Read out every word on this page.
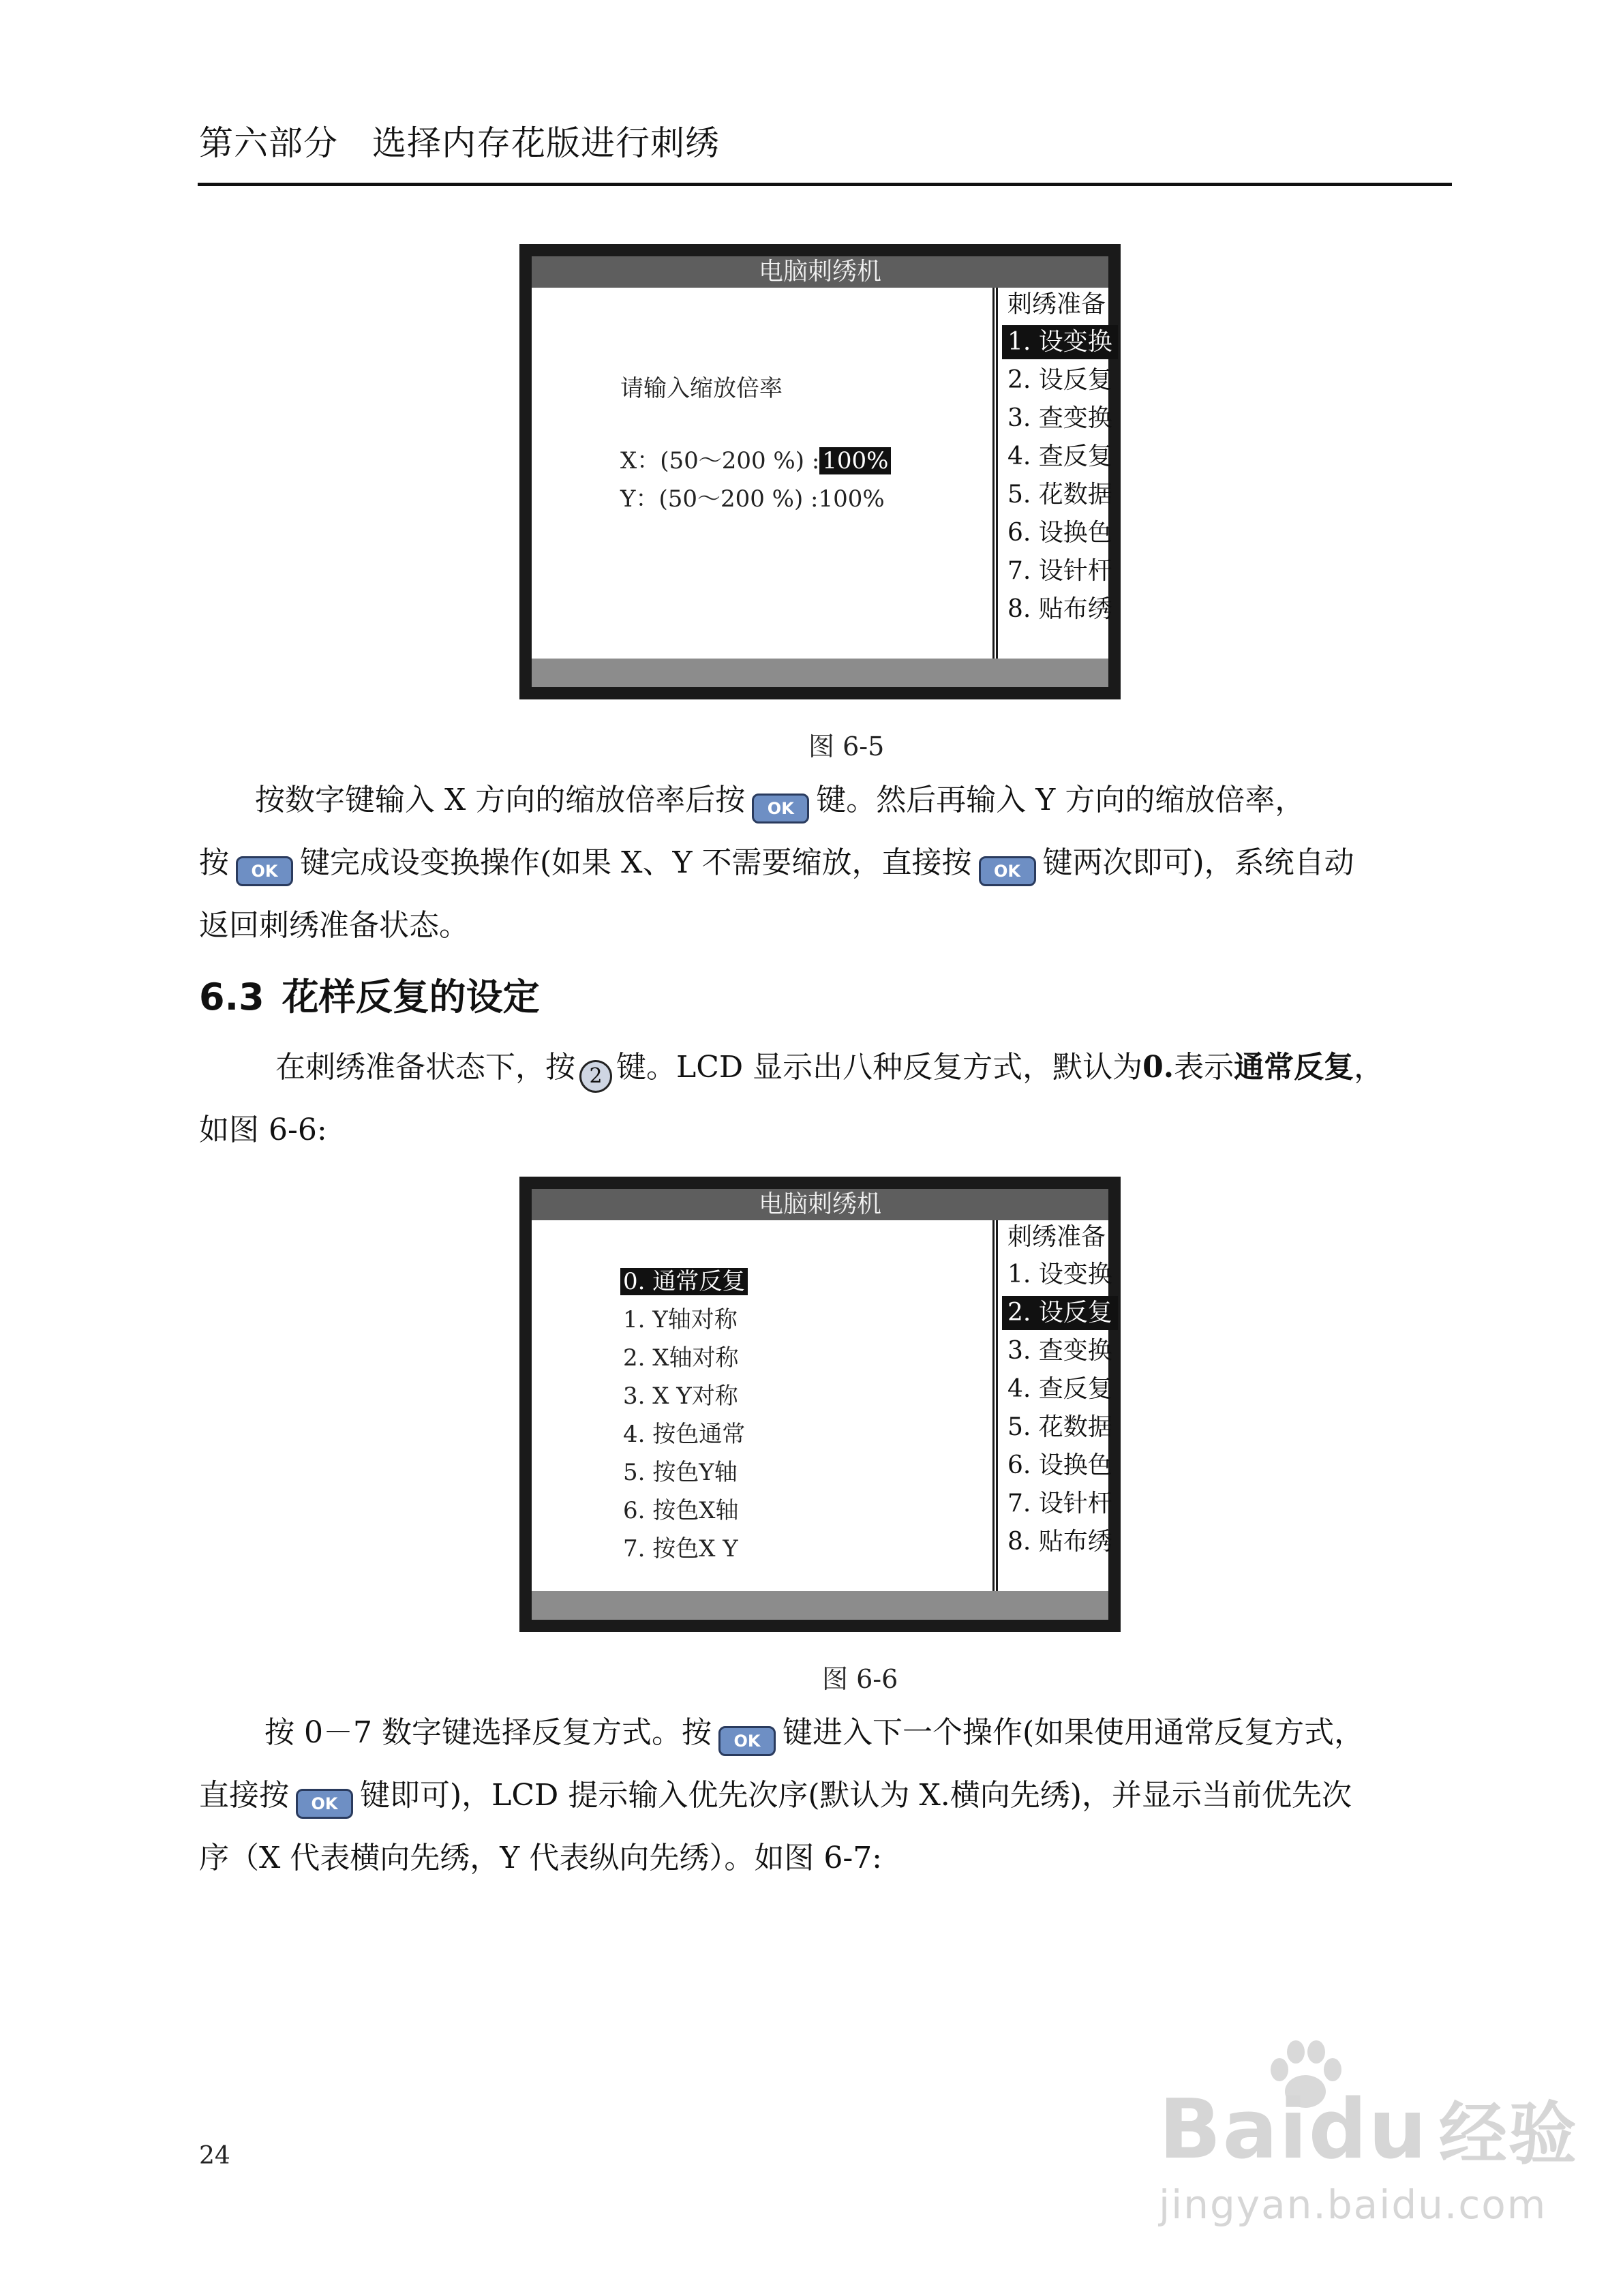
第六部分 选择内存花版进行刺绣
电脑刺绣机
请输入缩放倍率
X：(50～200 %) : 100%
Y：(50～200 %) :100%
刺绣准备
1. 设变换
2. 设反复
3. 查变换
4. 查反复
5. 花数据
6. 设换色
7. 设针杆
8. 贴布绣
图 6-5
按数字键输入 X 方向的缩放倍率后按 OK 键。然后再输入 Y 方向的缩放倍率，
按 OK 键完成设变换操作(如果 X、Y 不需要缩放，直接按 OK 键两次即可)，系统自动
返回刺绣准备状态。
6.3 花样反复的设定
在刺绣准备状态下，按 2 键。LCD 显示出八种反复方式，默认为0.表示通常反复，
如图 6-6:
电脑刺绣机
0. 通常反复
1. Y轴对称
2. X轴对称
3. X Y对称
4. 按色通常
5. 按色Y轴
6. 按色X轴
7. 按色X Y
刺绣准备
1. 设变换
2. 设反复
3. 查变换
4. 查反复
5. 花数据
6. 设换色
7. 设针杆
8. 贴布绣
图 6-6
按 0－7 数字键选择反复方式。按 OK 键进入下一个操作(如果使用通常反复方式，
直接按 OK 键即可)，LCD 提示输入优先次序(默认为 X.横向先绣)，并显示当前优先次
序（X 代表横向先绣，Y 代表纵向先绣）。如图 6-7:
24	Baidu 经验
jingyan.baidu.com
